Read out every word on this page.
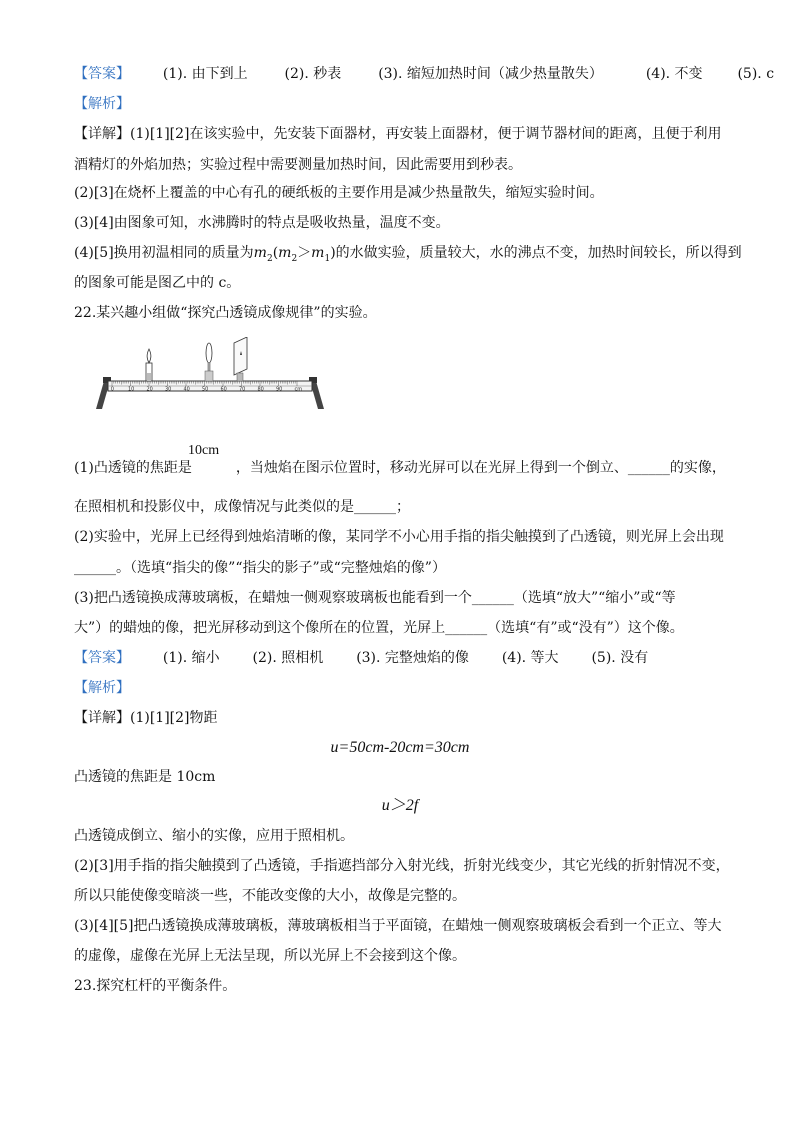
【答案】 (1). 由下到上	(2). 秒表	(3). 缩短加热时间（减少热量散失）	(4). 不变 (5). c
【解析】
【详解】(1)[1][2]在该实验中，先安装下面器材，再安装上面器材，便于调节器材间的距离，且便于利用
酒精灯的外焰加热；实验过程中需要测量加热时间，因此需要用到秒表。
(2)[3]在烧杯上覆盖的中心有孔的硬纸板的主要作用是减少热量散失，缩短实验时间。
(3)[4]由图象可知，水沸腾时的特点是吸收热量，温度不变。
(4)[5]换用初温相同的质量为$m_2(m_2>m_1)$的水做实验，质量较大，水的沸点不变，加热时间较长，所以得到
的图象可能是图乙中的 c。
22.某兴趣小组做“探究凸透镜成像规律”的实验。
0	10 20 30 40 50 60 70 80 90 cm
10cm
(1)凸透镜的焦距是	，当烛焰在图示位置时，移动光屏可以在光屏上得到一个倒立、______的实像，
在照相机和投影仪中，成像情况与此类似的是______；
(2)实验中，光屏上已经得到烛焰清晰的像，某同学不小心用手指的指尖触摸到了凸透镜，则光屏上会出现
______。（选填“指尖的像”“指尖的影子”或“完整烛焰的像”）
(3)把凸透镜换成薄玻璃板，在蜡烛一侧观察玻璃板也能看到一个______（选填“放大”“缩小”或“等
大”）的蜡烛的像，把光屏移动到这个像所在的位置，光屏上______（选填“有”或“没有”）这个像。
【答案】 (1). 缩小 (2). 照相机 (3). 完整烛焰的像 (4). 等大 (5). 没有
【解析】
【详解】(1)[1][2]物距
u=50cm-20cm=30cm
凸透镜的焦距是 10cm
u＞2f
凸透镜成倒立、缩小的实像，应用于照相机。
(2)[3]用手指的指尖触摸到了凸透镜，手指遮挡部分入射光线，折射光线变少，其它光线的折射情况不变，
所以只能使像变暗淡一些，不能改变像的大小，故像是完整的。
(3)[4][5]把凸透镜换成薄玻璃板，薄玻璃板相当于平面镜，在蜡烛一侧观察玻璃板会看到一个正立、等大
的虚像，虚像在光屏上无法呈现，所以光屏上不会接到这个像。
23.探究杠杆的平衡条件。
